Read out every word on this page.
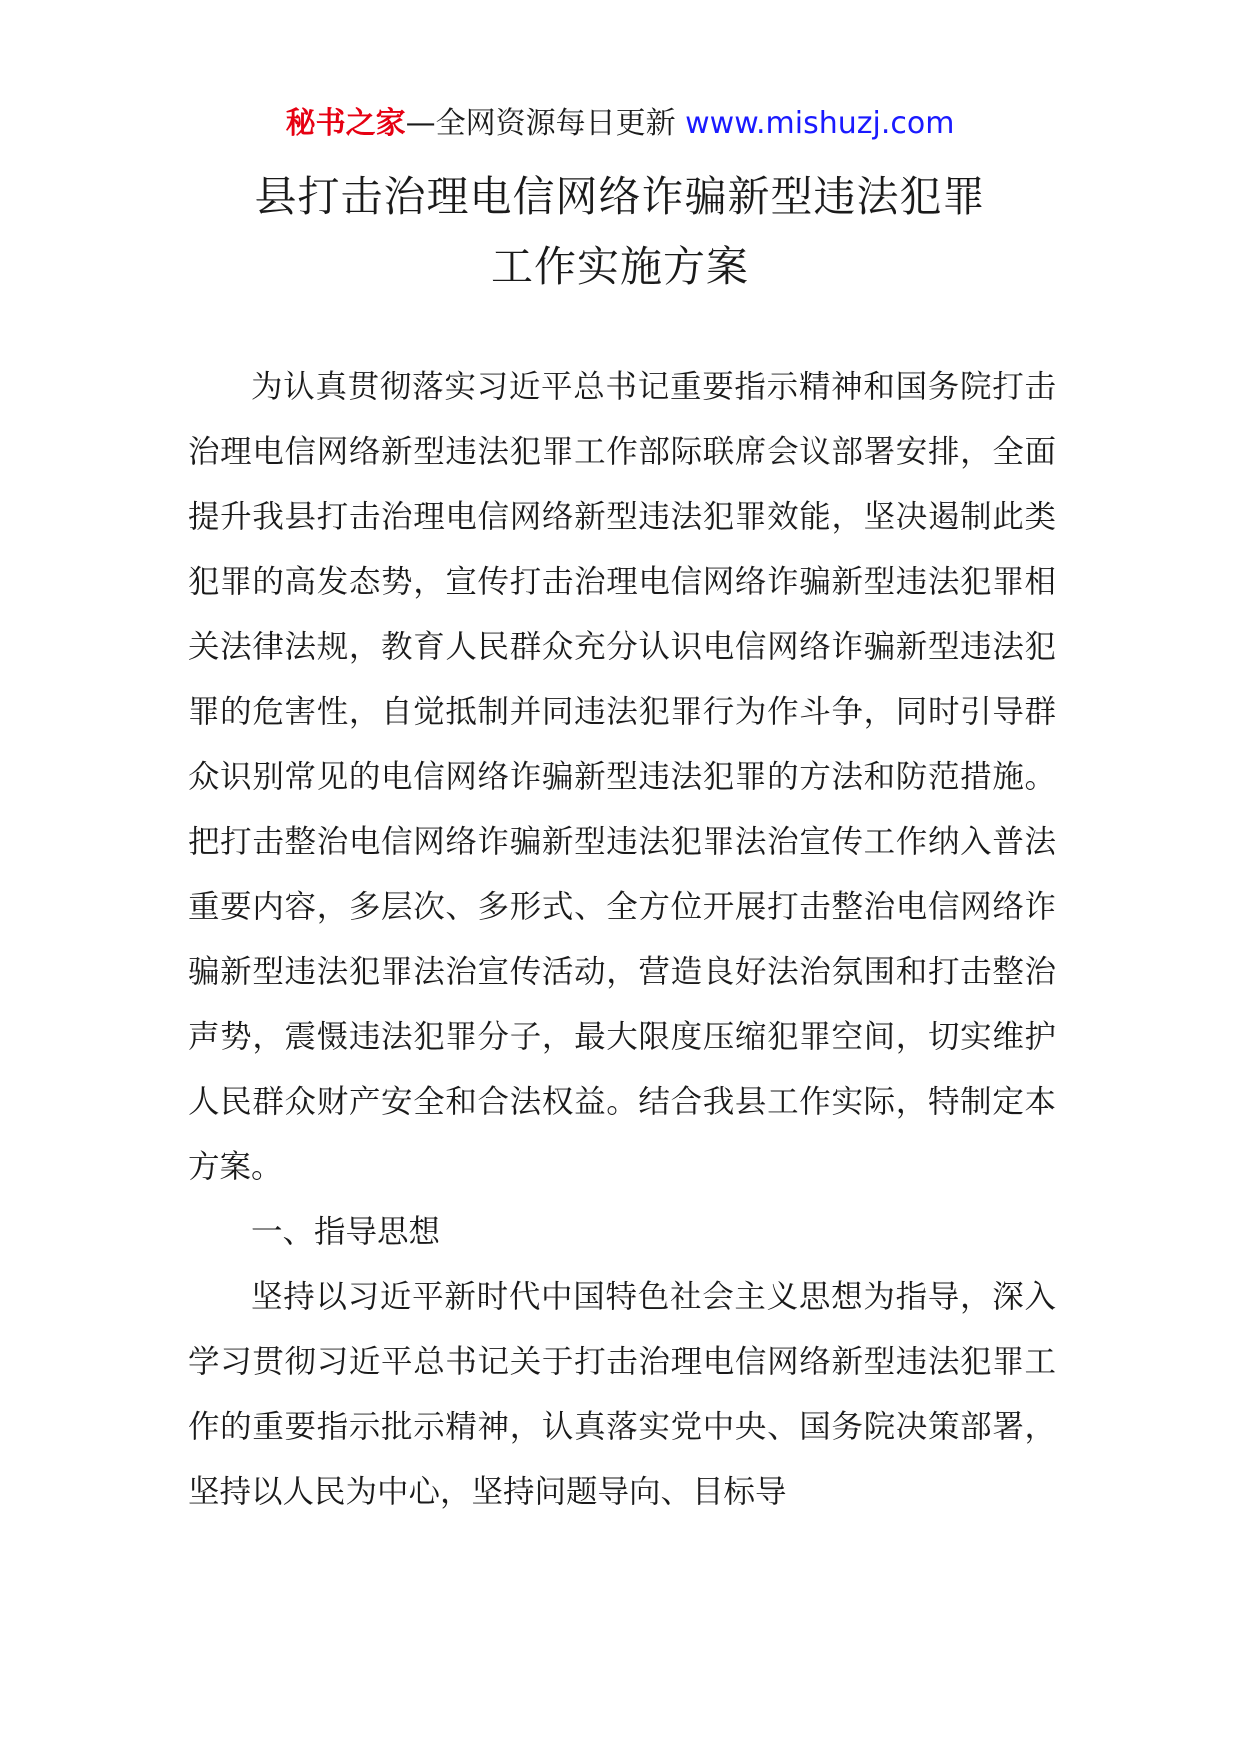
秘书之家—全网资源每日更新 www.mishuzj.com
县打击治理电信网络诈骗新型违法犯罪
工作实施方案

为认真贯彻落实习近平总书记重要指示精神和国务院打击治理电信网络新型违法犯罪工作部际联席会议部署安排，全面提升我县打击治理电信网络新型违法犯罪效能，坚决遏制此类犯罪的高发态势，宣传打击治理电信网络诈骗新型违法犯罪相关法律法规，教育人民群众充分认识电信网络诈骗新型违法犯罪的危害性，自觉抵制并同违法犯罪行为作斗争，同时引导群众识别常见的电信网络诈骗新型违法犯罪的方法和防范措施。把打击整治电信网络诈骗新型违法犯罪法治宣传工作纳入普法重要内容，多层次、多形式、全方位开展打击整治电信网络诈骗新型违法犯罪法治宣传活动，营造良好法治氛围和打击整治声势，震慑违法犯罪分子，最大限度压缩犯罪空间，切实维护人民群众财产安全和合法权益。结合我县工作实际，特制定本方案。

一、指导思想

坚持以习近平新时代中国特色社会主义思想为指导，深入学习贯彻习近平总书记关于打击治理电信网络新型违法犯罪工作的重要指示批示精神，认真落实党中央、国务院决策部署，坚持以人民为中心，坚持问题导向、目标导
